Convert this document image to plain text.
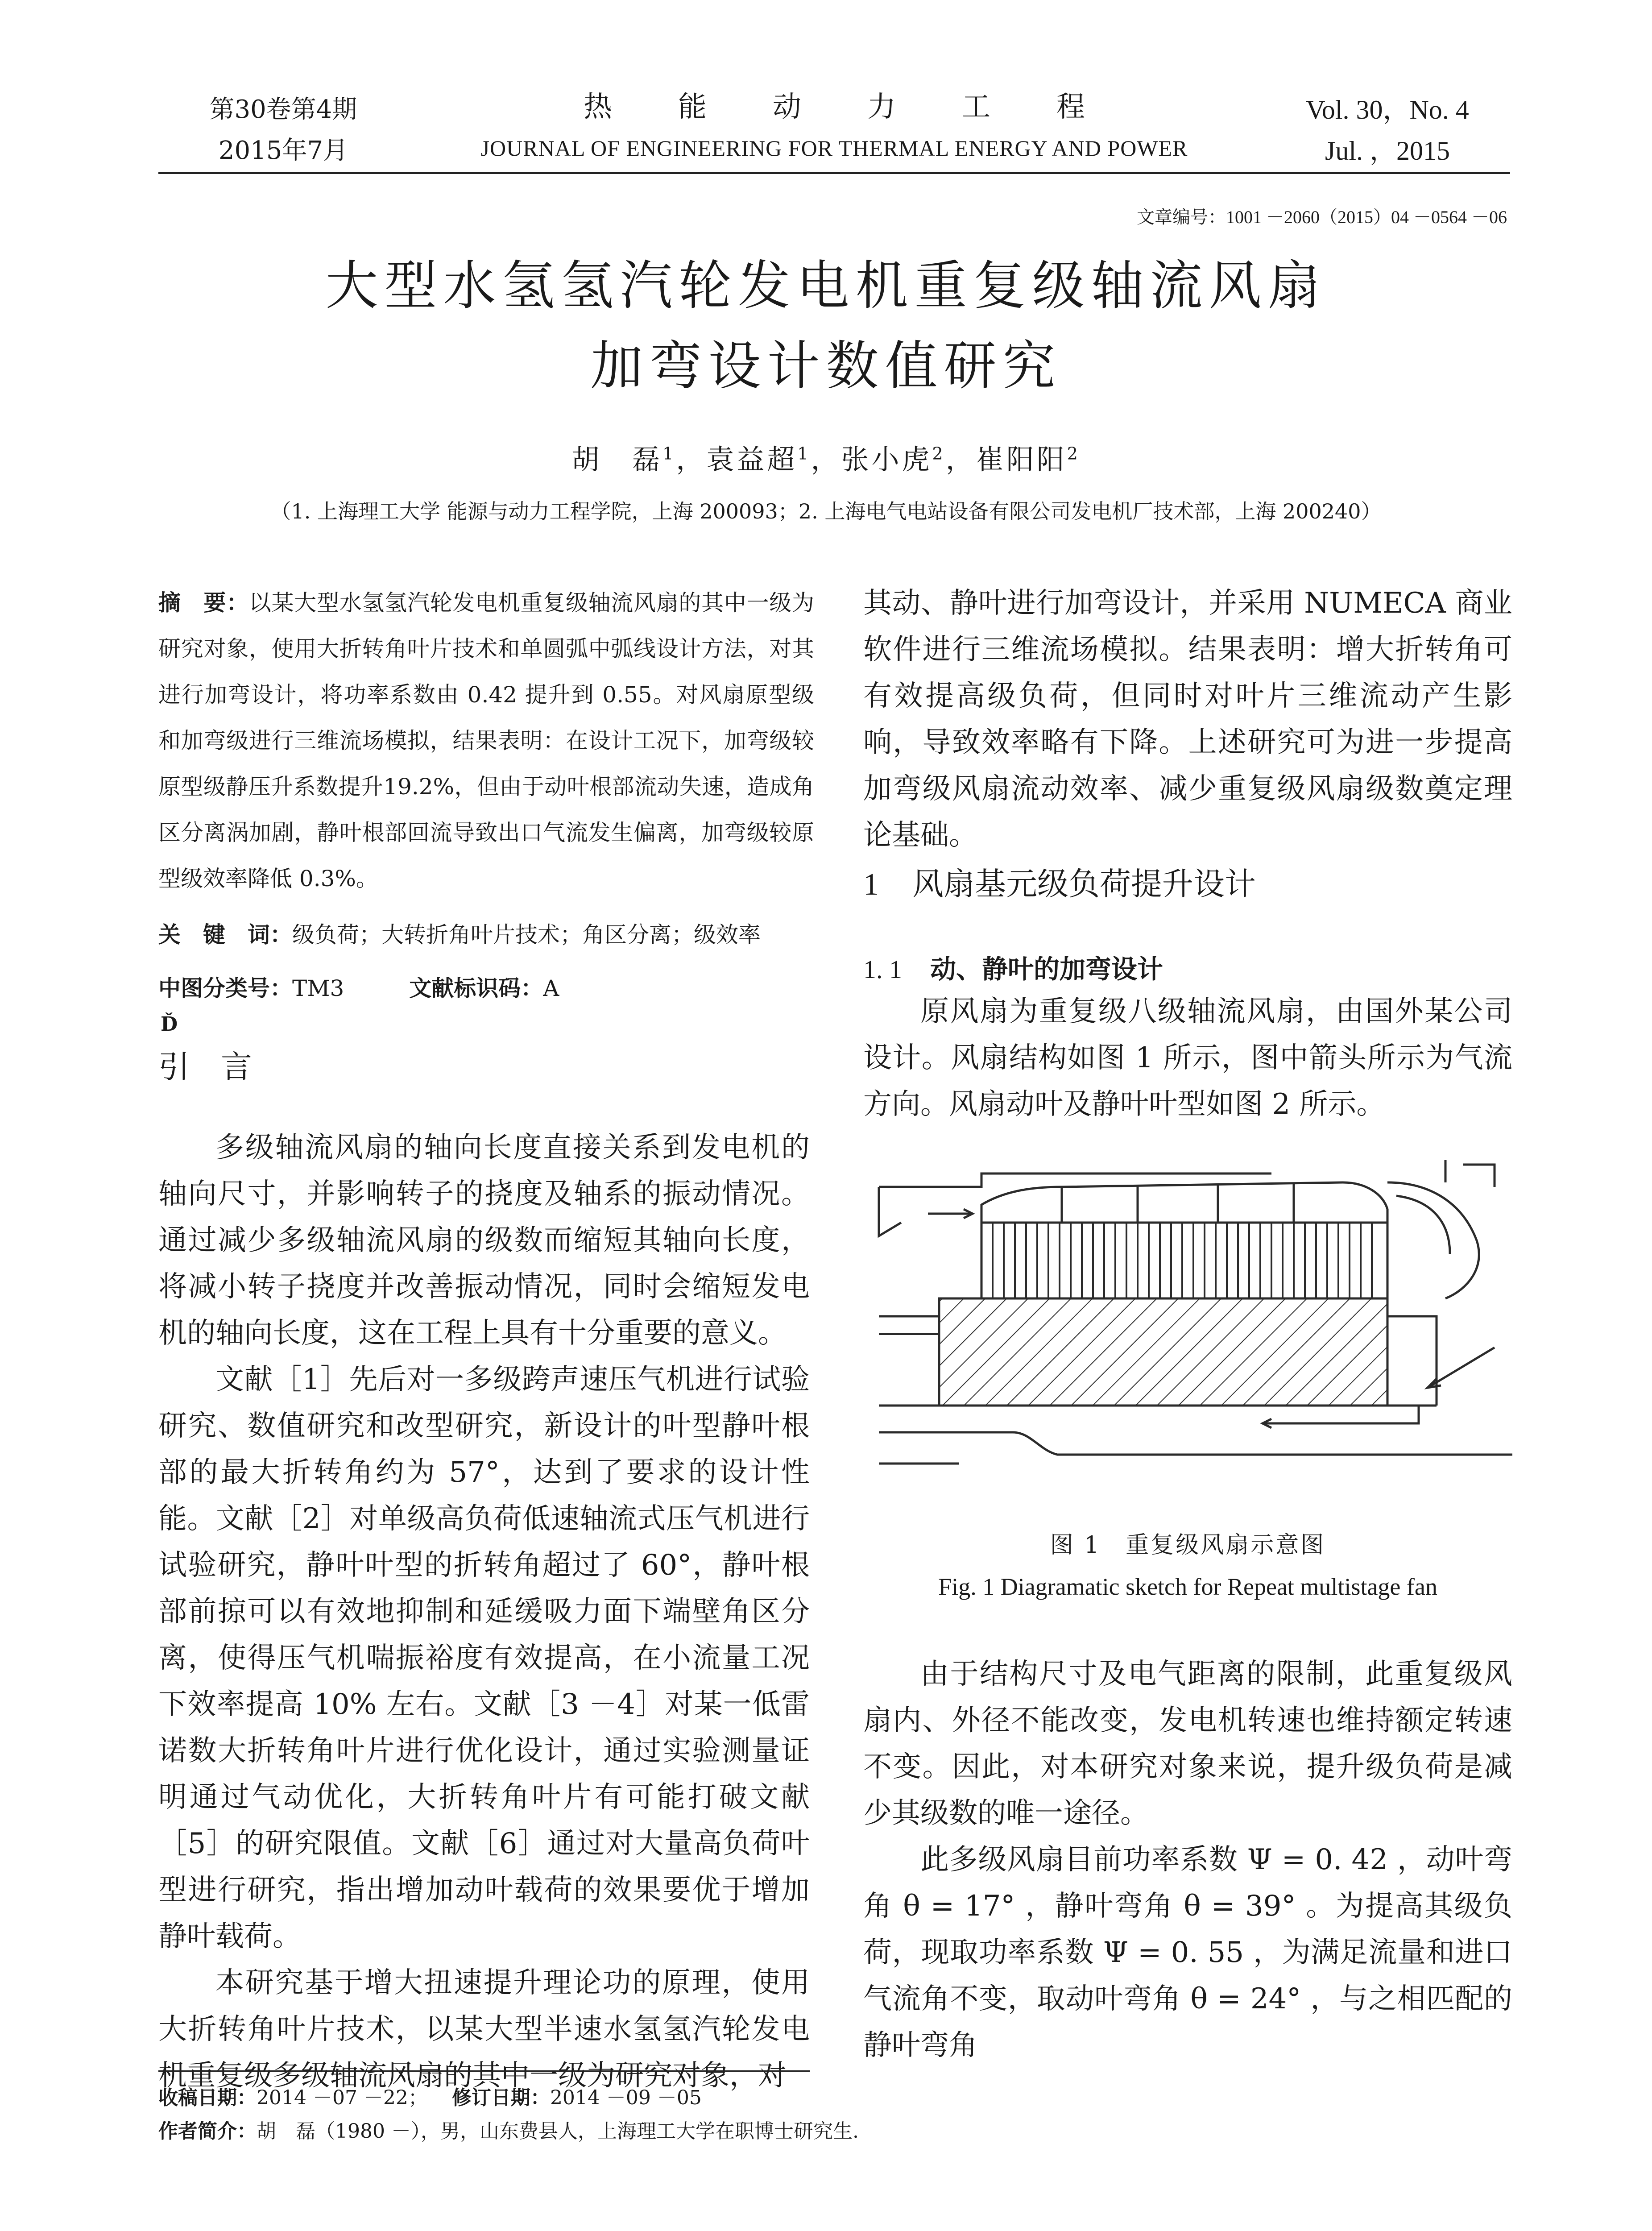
第30卷第4期
2015年7月
热能动力工程
JOURNAL OF ENGINEERING FOR THERMAL ENERGY AND POWER
Vol. 30，No. 4
Jul. ，2015
文章编号：1001 －2060（2015）04 －0564 －06
大型水氢氢汽轮发电机重复级轴流风扇
加弯设计数值研究
胡　磊$^1$，袁益超$^1$，张小虎$^2$，崔阳阳$^2$
（1. 上海理工大学 能源与动力工程学院，上海 200093；2. 上海电气电站设备有限公司发电机厂技术部，上海 200240）
摘　要：以某大型水氢氢汽轮发电机重复级轴流风扇的其中一级为研究对象，使用大折转角叶片技术和单圆弧中弧线设计方法，对其进行加弯设计，将功率系数由 0.42 提升到 0.55。对风扇原型级和加弯级进行三维流场模拟，结果表明：在设计工况下，加弯级较原型级静压升系数提升19.2%，但由于动叶根部流动失速，造成角区分离涡加剧，静叶根部回流导致出口气流发生偏离，加弯级较原型级效率降低 0.3%。
关　键　词：级负荷；大转折角叶片技术；角区分离；级效率
中图分类号：TM3	文献标识码：A
Ď
引　言

多级轴流风扇的轴向长度直接关系到发电机的轴向尺寸，并影响转子的挠度及轴系的振动情况。通过减少多级轴流风扇的级数而缩短其轴向长度，将减小转子挠度并改善振动情况，同时会缩短发电机的轴向长度，这在工程上具有十分重要的意义。

文献［1］先后对一多级跨声速压气机进行试验研究、数值研究和改型研究，新设计的叶型静叶根部的最大折转角约为 57°，达到了要求的设计性能。文献［2］对单级高负荷低速轴流式压气机进行试验研究，静叶叶型的折转角超过了 60°，静叶根部前掠可以有效地抑制和延缓吸力面下端壁角区分离，使得压气机喘振裕度有效提高，在小流量工况下效率提高 10% 左右。文献［3 －4］对某一低雷诺数大折转角叶片进行优化设计，通过实验测量证明通过气动优化，大折转角叶片有可能打破文献［5］的研究限值。文献［6］通过对大量高负荷叶型进行研究，指出增加动叶载荷的效果要优于增加静叶载荷。

本研究基于增大扭速提升理论功的原理，使用大折转角叶片技术，以某大型半速水氢氢汽轮发电机重复级多级轴流风扇的其中一级为研究对象，对

其动、静叶进行加弯设计，并采用 NUMECA 商业软件进行三维流场模拟。结果表明：增大折转角可有效提高级负荷，但同时对叶片三维流动产生影响，导致效率略有下降。上述研究可为进一步提高加弯级风扇流动效率、减少重复级风扇级数奠定理论基础。

1 风扇基元级负荷提升设计
1. 1 动、静叶的加弯设计

原风扇为重复级八级轴流风扇，由国外某公司设计。风扇结构如图 1 所示，图中箭头所示为气流方向。风扇动叶及静叶叶型如图 2 所示。

图 1　重复级风扇示意图
Fig. 1 Diagramatic sketch for Repeat multistage fan

由于结构尺寸及电气距离的限制，此重复级风扇内、外径不能改变，发电机转速也维持额定转速不变。因此，对本研究对象来说，提升级负荷是减少其级数的唯一途径。

此多级风扇目前功率系数 Ψ = 0. 42 ，动叶弯角 θ = 17° ，静叶弯角 θ = 39° 。为提高其级负荷，现取功率系数 Ψ = 0. 55 ，为满足流量和进口气流角不变，取动叶弯角 θ = 24° ，与之相匹配的静叶弯角

收稿日期：2014 －07 －22； 修订日期：2014 －09 －05
作者简介：胡　磊（1980 －），男，山东费县人，上海理工大学在职博士研究生.
